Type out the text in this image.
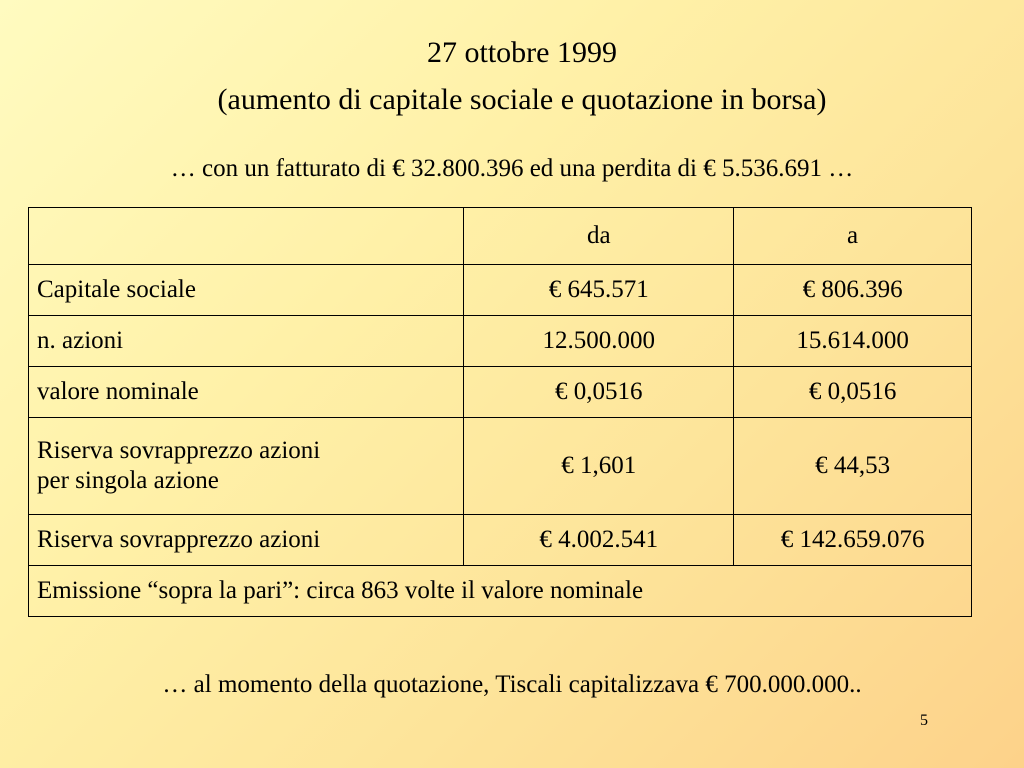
27 ottobre 1999
(aumento di capitale sociale e quotazione in borsa)
… con un fatturato di € 32.800.396 ed una perdita di € 5.536.691 …
	da	a
Capitale sociale	€ 645.571	€ 806.396
n. azioni	12.500.000	15.614.000
valore nominale	€ 0,0516	€ 0,0516
Riserva sovrapprezzo azioni
per singola azione	€ 1,601	€ 44,53
Riserva sovrapprezzo azioni	€ 4.002.541	€ 142.659.076
Emissione “sopra la pari”: circa 863 volte il valore nominale		
… al momento della quotazione, Tiscali capitalizzava € 700.000.000..
5
